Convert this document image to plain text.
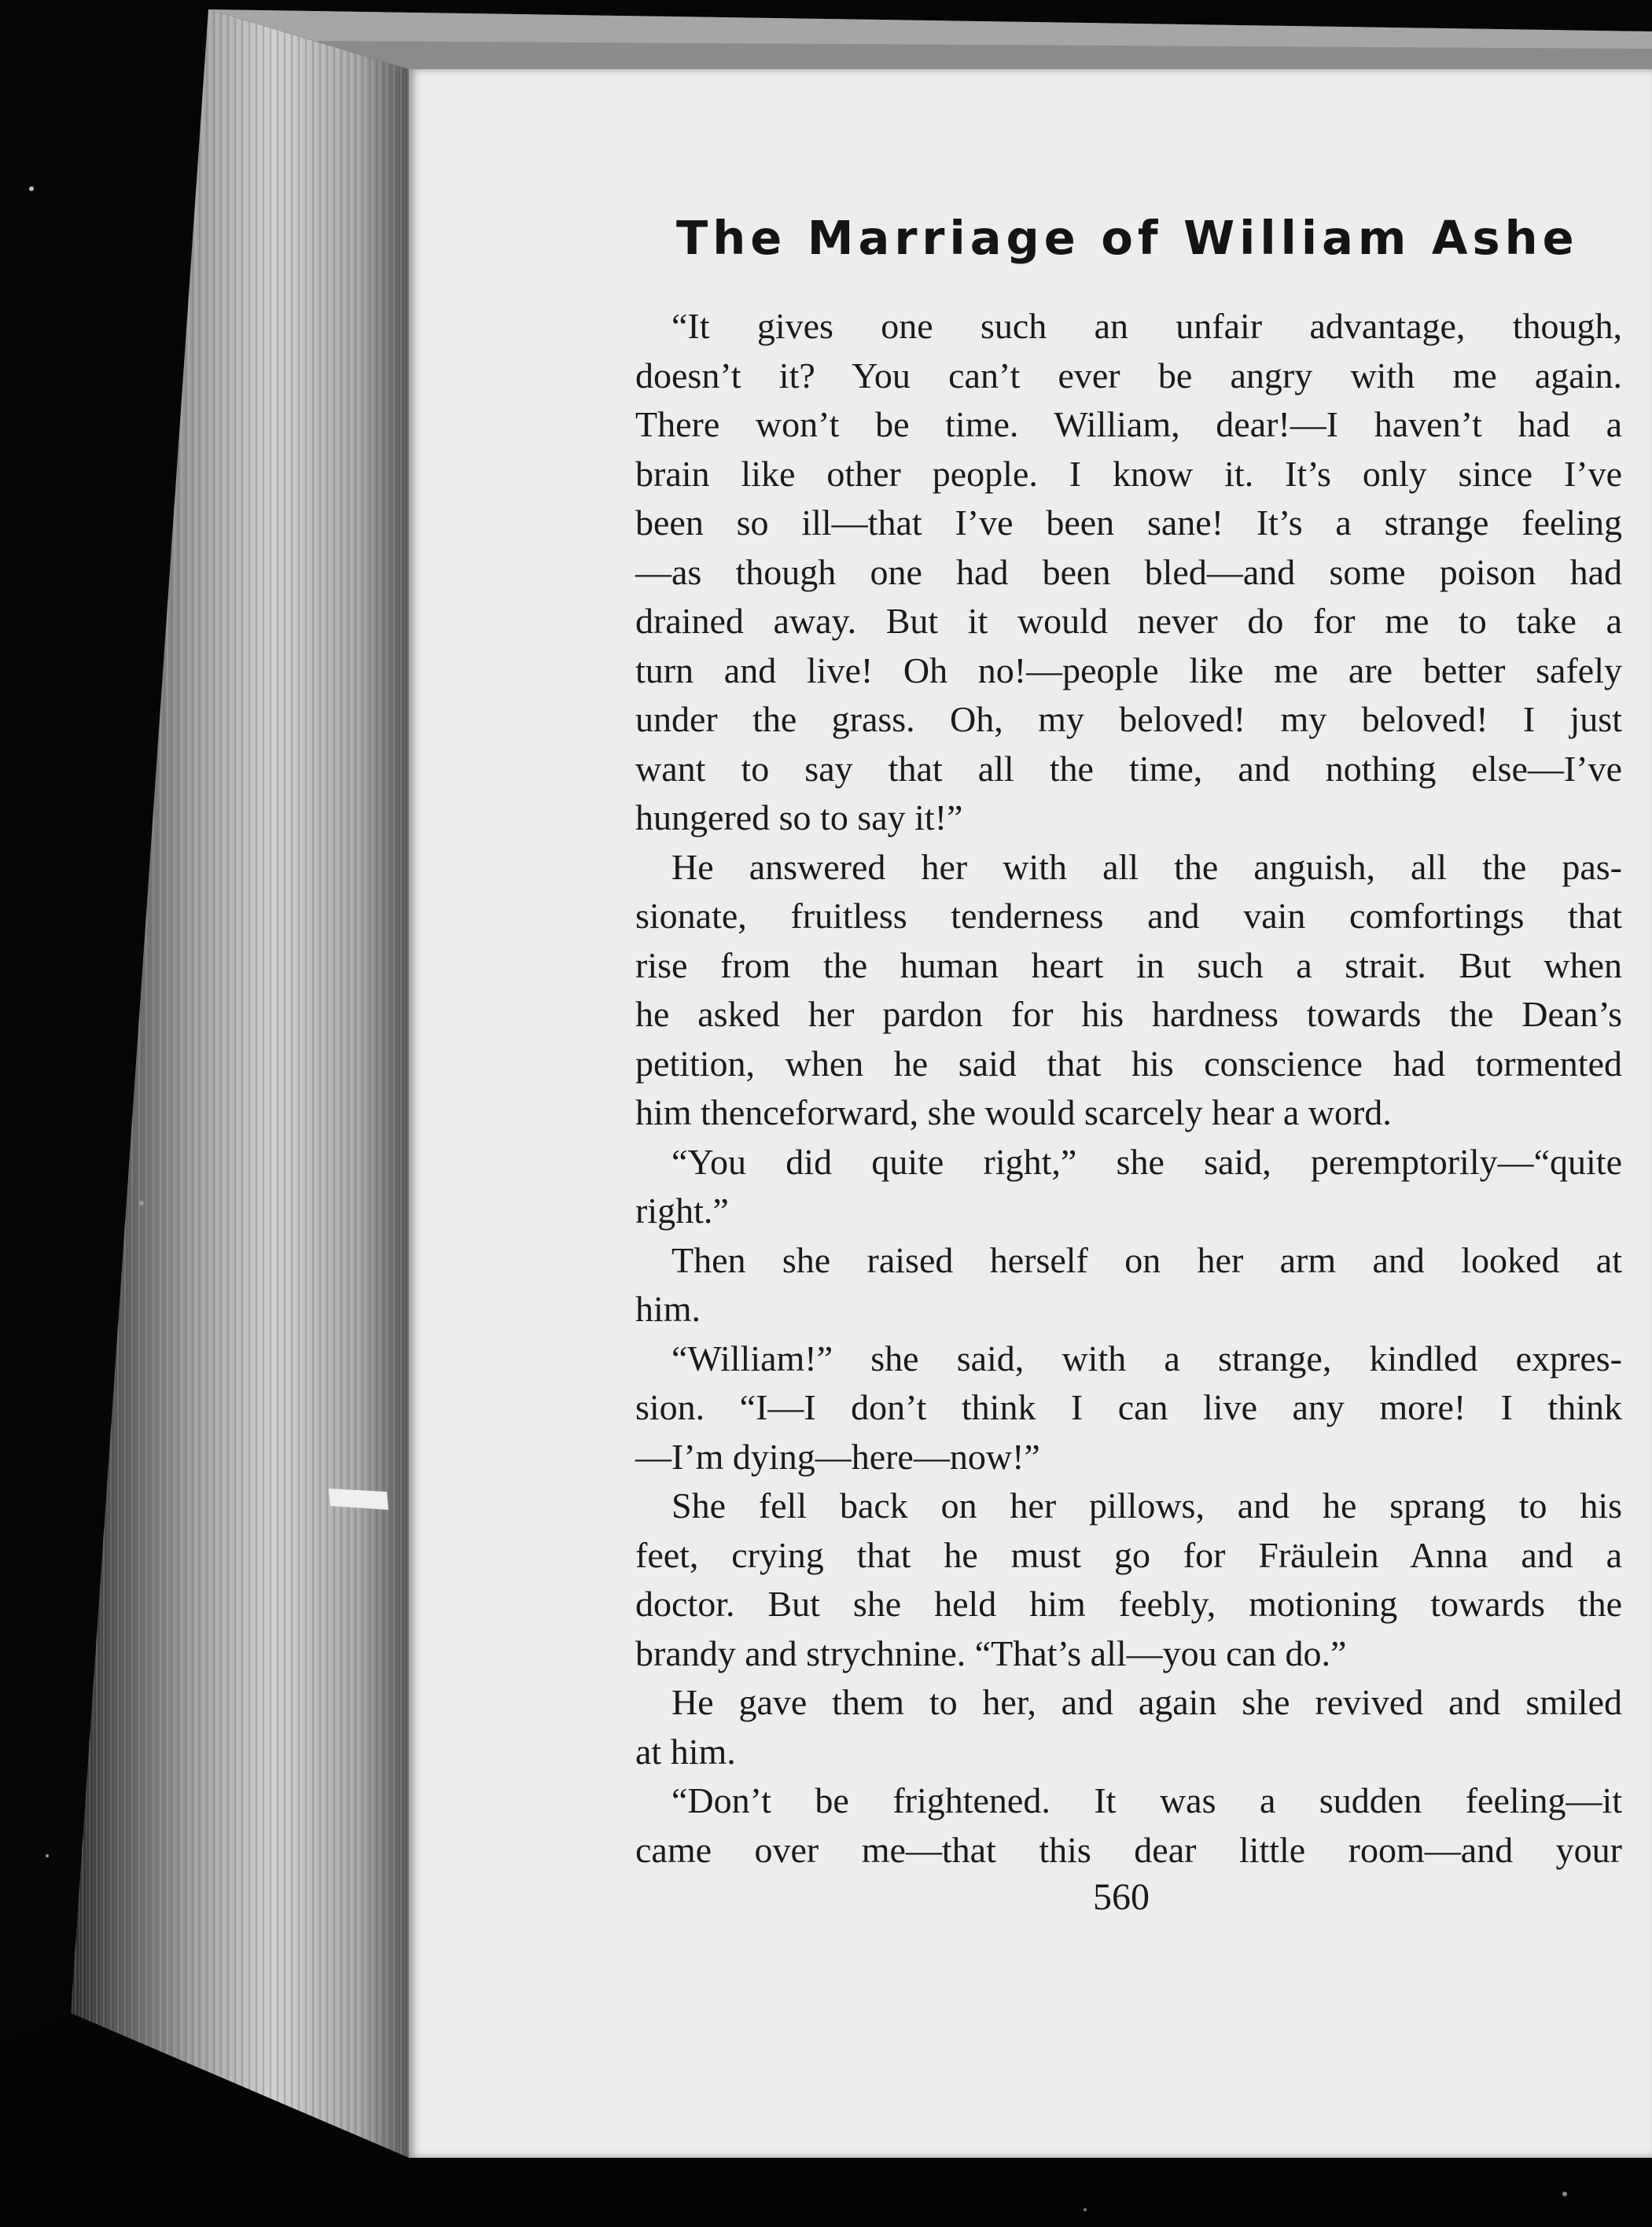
The Marriage of William Ashe
“It gives one such an unfair advantage, though,
doesn’t it? You can’t ever be angry with me again.
There won’t be time. William, dear!—I haven’t had a
brain like other people. I know it. It’s only since I’ve
been so ill—that I’ve been sane! It’s a strange feeling
—as though one had been bled—and some poison had
drained away. But it would never do for me to take a
turn and live! Oh no!—people like me are better safely
under the grass. Oh, my beloved! my beloved! I just
want to say that all the time, and nothing else—I’ve
hungered so to say it!”
He answered her with all the anguish, all the pas-
sionate, fruitless tenderness and vain comfortings that
rise from the human heart in such a strait. But when
he asked her pardon for his hardness towards the Dean’s
petition, when he said that his conscience had tormented
him thenceforward, she would scarcely hear a word.
“You did quite right,” she said, peremptorily—“quite
right.”
Then she raised herself on her arm and looked at
him.
“William!” she said, with a strange, kindled expres-
sion. “I—I don’t think I can live any more! I think
—I’m dying—here—now!”
She fell back on her pillows, and he sprang to his
feet, crying that he must go for Fräulein Anna and a
doctor. But she held him feebly, motioning towards the
brandy and strychnine. “That’s all—you can do.”
He gave them to her, and again she revived and smiled
at him.
“Don’t be frightened. It was a sudden feeling—it
came over me—that this dear little room—and your
560
